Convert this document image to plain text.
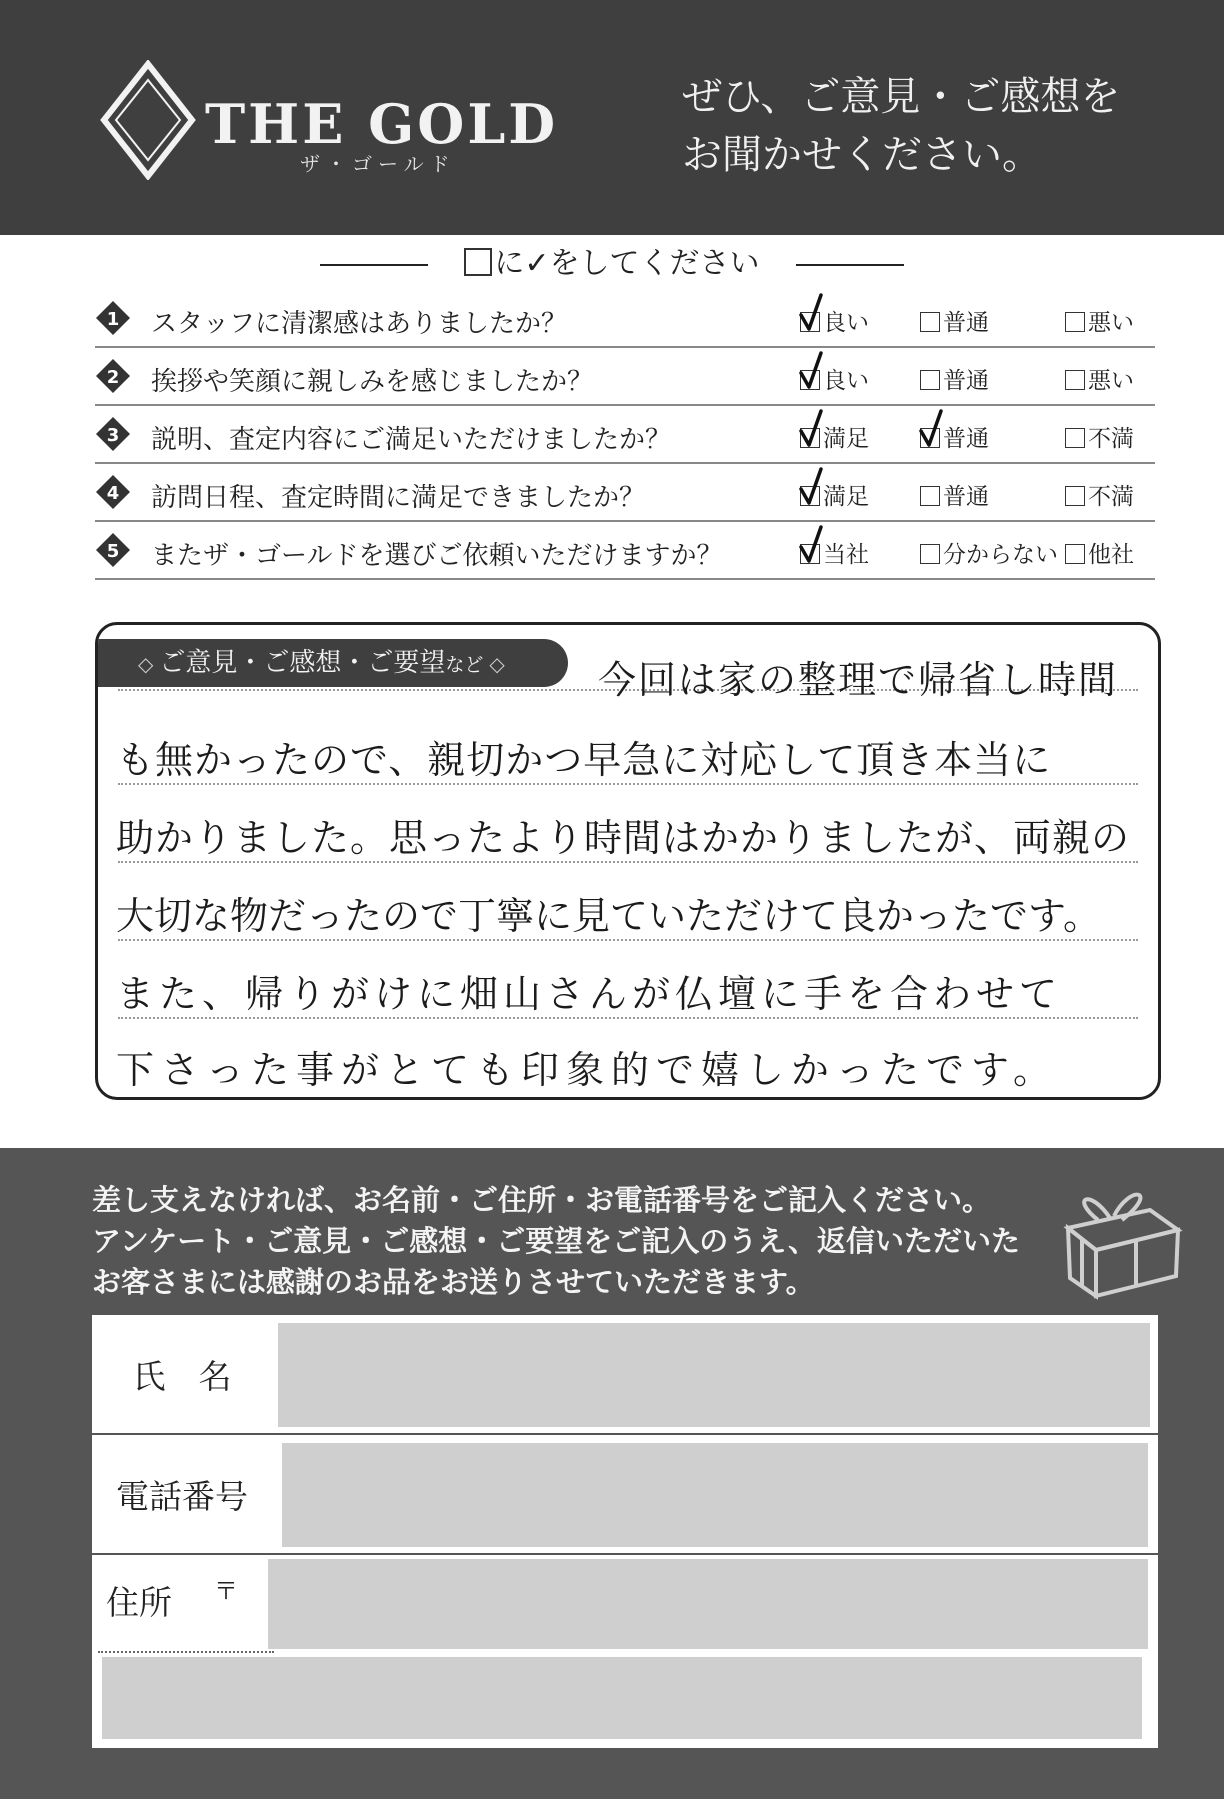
THE GOLD
ザ・ゴールド
ぜひ、ご意見・ご感想を
お聞かせください。
に✓をしてください
1 スタッフに清潔感はありましたか？	良い	普通	悪い
2 挨拶や笑顔に親しみを感じましたか？	良い	普通	悪い
3 説明、査定内容にご満足いただけましたか？	満足	普通	不満
4 訪問日程、査定時間に満足できましたか？	満足	普通	不満
5 またザ・ゴールドを選びご依頼いただけますか？	当社	分からない	他社
◇ ご意見・ご感想・ご要望など ◇	今回は家の整理で帰省し時間
も無かったので、親切かつ早急に対応して頂き本当に
助かりました。思ったより時間はかかりましたが、両親の
大切な物だったので丁寧に見ていただけて良かったです。
また、帰りがけに畑山さんが仏壇に手を合わせて
下さった事がとても印象的で嬉しかったです。
差し支えなければ、お名前・ご住所・お電話番号をご記入ください。
アンケート・ご意見・ご感想・ご要望をご記入のうえ、返信いただいた
お客さまには感謝のお品をお送りさせていただきます。
氏　名
電話番号
住所	〒
